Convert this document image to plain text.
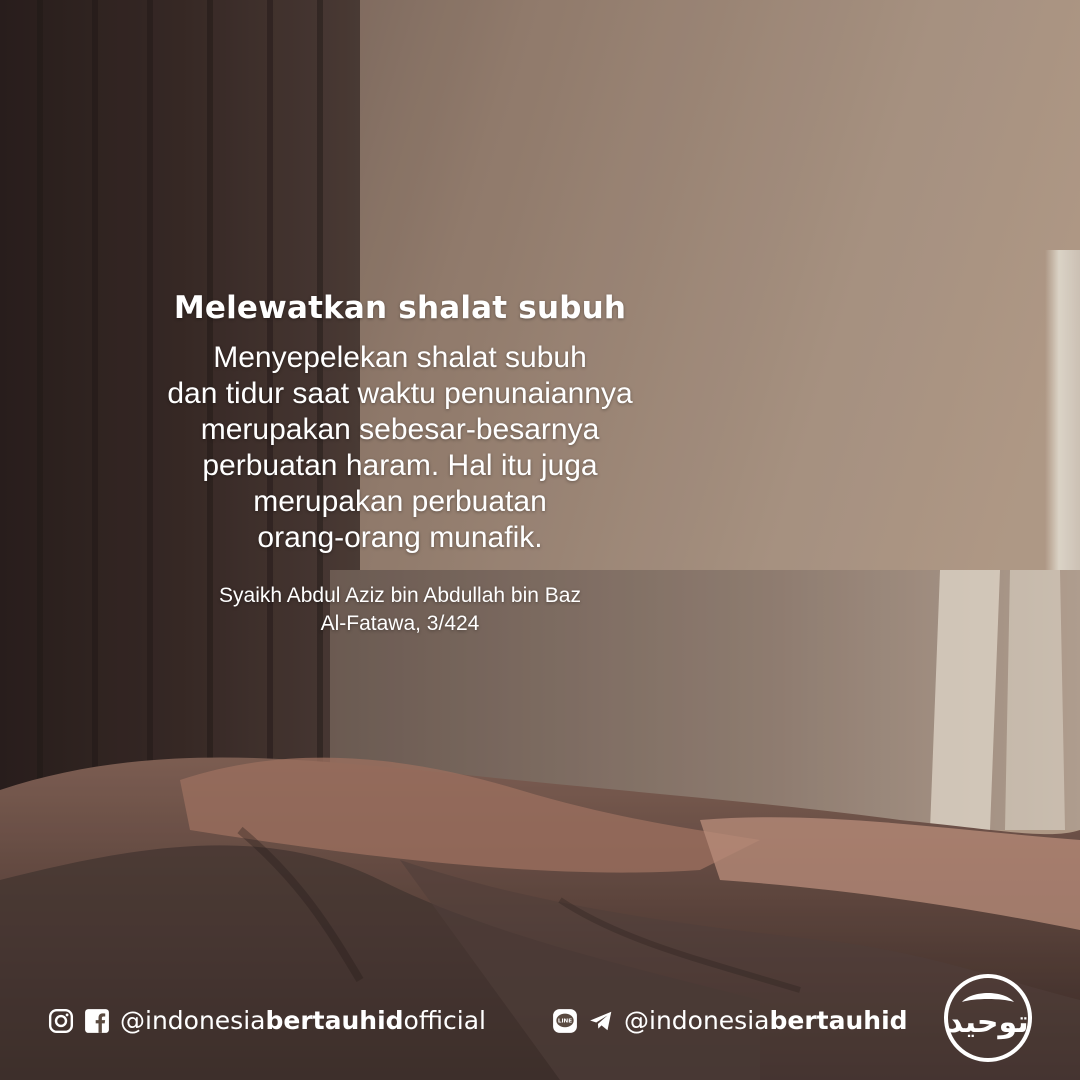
Melewatkan shalat subuh
Menyepelekan shalat subuh
dan tidur saat waktu penunaiannya
merupakan sebesar-besarnya
perbuatan haram. Hal itu juga
merupakan perbuatan
orang-orang munafik.
Syaikh Abdul Aziz bin Abdullah bin Baz
Al-Fatawa, 3/424
@indonesiabertauhidofficial	LINE @indonesiabertauhid توحيد
